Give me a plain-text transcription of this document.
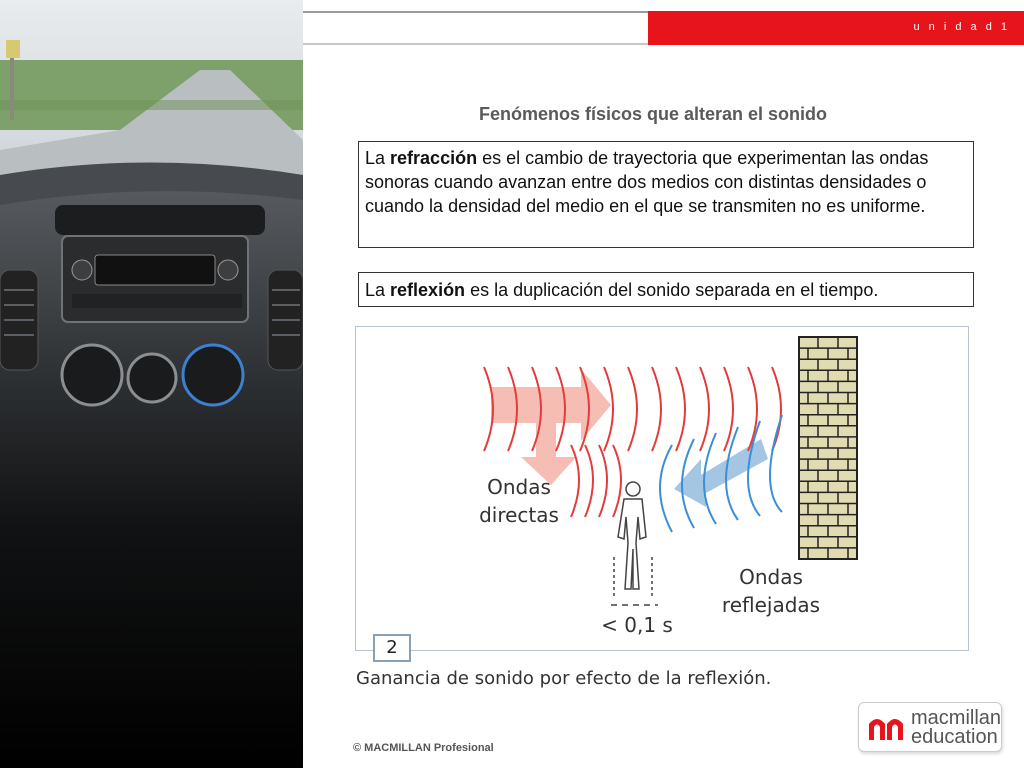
u n i d a d 1
Fenómenos físicos que alteran el sonido
La refracción es el cambio de trayectoria que experimentan las ondas sonoras cuando avanzan entre dos medios con distintas densidades o cuando la densidad del medio en el que se transmiten no es uniforme.
La reflexión es la duplicación del sonido separada en el tiempo.
Ondas
directas
Ondas
reflejadas
< 0,1 s
2
Ganancia de sonido por efecto de la reflexión.
© MACMILLAN Profesional
macmillan
education
